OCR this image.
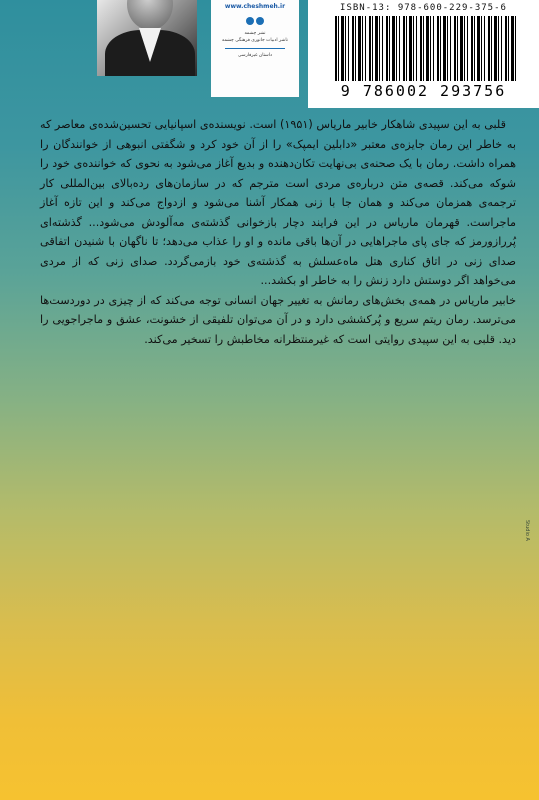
www.cheshmeh.ir
نشر چشمه
ناشر ادبیات جانوری فرهنگی چشمه
داستان غیرفارسی
ISBN-13: 978-600-229-375-6
9 786002 293756

قلبی به این سپیدی شاهکار خابیر ماریاس (۱۹۵۱) است. نویسنده‌ی اسپانیایی تحسین‌شده‌ی معاصر که به خاطر این رمان جایزه‌ی معتبر «دابلین ایمپک» را از آن خود کرد و شگفتی انبوهی از خوانندگان را همراه داشت. رمان با یک صحنه‌ی بی‌نهایت تکان‌دهنده و بدیع آغاز می‌شود به نحوی که خواننده‌ی خود را شوکه می‌کند. قصه‌ی متن درباره‌ی مردی است مترجم که در سازمان‌های رده‌بالای بین‌المللی کار ترجمه‌ی همزمان می‌کند و همان جا با زنی همکار آشنا می‌شود و ازدواج می‌کند و این تازه آغاز ماجراست. قهرمان ماریاس در این فرایند دچار بازخوانی گذشته‌ی مه‌آلودش می‌شود... گذشته‌ای پُررازورمز که جای پای ماجراهایی در آن‌ها باقی مانده و او را عذاب می‌دهد؛ تا ناگهان با شنیدن اتفاقی صدای زنی در اتاق کناری هتل ماه‌عسلش به گذشته‌ی خود بازمی‌گردد. صدای زنی که از مردی می‌خواهد اگر دوستش دارد زنش را به خاطر او بکشد...

خابیر ماریاس در همه‌ی بخش‌های رمانش به تغییر جهان انسانی توجه می‌کند که از چیزی در دوردست‌ها می‌ترسد. رمان ریتم سریع و پُرکششی دارد و در آن می‌توان تلفیقی از خشونت، عشق و ماجراجویی را دید. قلبی به این سپیدی روایتی است که غیرمنتظرانه مخاطبش را تسخیر می‌کند.

Studio A
